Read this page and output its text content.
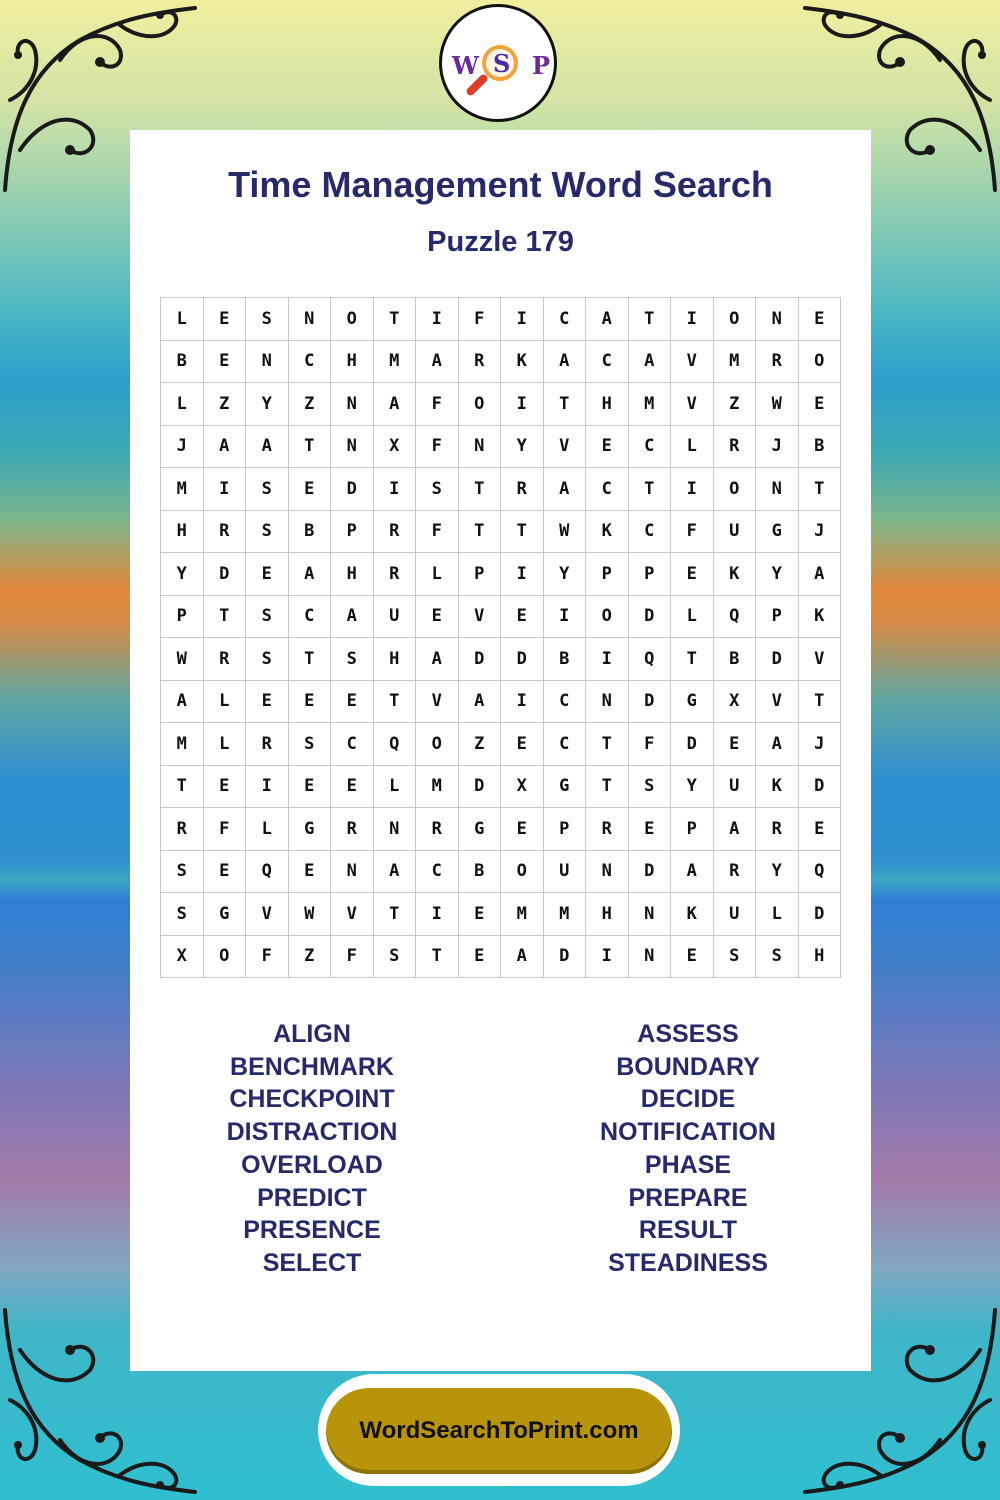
W S P
Time Management Word Search
Puzzle 179
L	E	S	N	O	T	I	F	I	C	A	T	I	O	N	E
B	E	N	C	H	M	A	R	K	A	C	A	V	M	R	O
L	Z	Y	Z	N	A	F	O	I	T	H	M	V	Z	W	E
J	A	A	T	N	X	F	N	Y	V	E	C	L	R	J	B
M	I	S	E	D	I	S	T	R	A	C	T	I	O	N	T
H	R	S	B	P	R	F	T	T	W	K	C	F	U	G	J
Y	D	E	A	H	R	L	P	I	Y	P	P	E	K	Y	A
P	T	S	C	A	U	E	V	E	I	O	D	L	Q	P	K
W	R	S	T	S	H	A	D	D	B	I	Q	T	B	D	V
A	L	E	E	E	T	V	A	I	C	N	D	G	X	V	T
M	L	R	S	C	Q	O	Z	E	C	T	F	D	E	A	J
T	E	I	E	E	L	M	D	X	G	T	S	Y	U	K	D
R	F	L	G	R	N	R	G	E	P	R	E	P	A	R	E
S	E	Q	E	N	A	C	B	O	U	N	D	A	R	Y	Q
S	G	V	W	V	T	I	E	M	M	H	N	K	U	L	D
X	O	F	Z	F	S	T	E	A	D	I	N	E	S	S	H
ALIGN
BENCHMARK
CHECKPOINT
DISTRACTION
OVERLOAD
PREDICT
PRESENCE
SELECT
ASSESS
BOUNDARY
DECIDE
NOTIFICATION
PHASE
PREPARE
RESULT
STEADINESS
WordSearchToPrint.com
